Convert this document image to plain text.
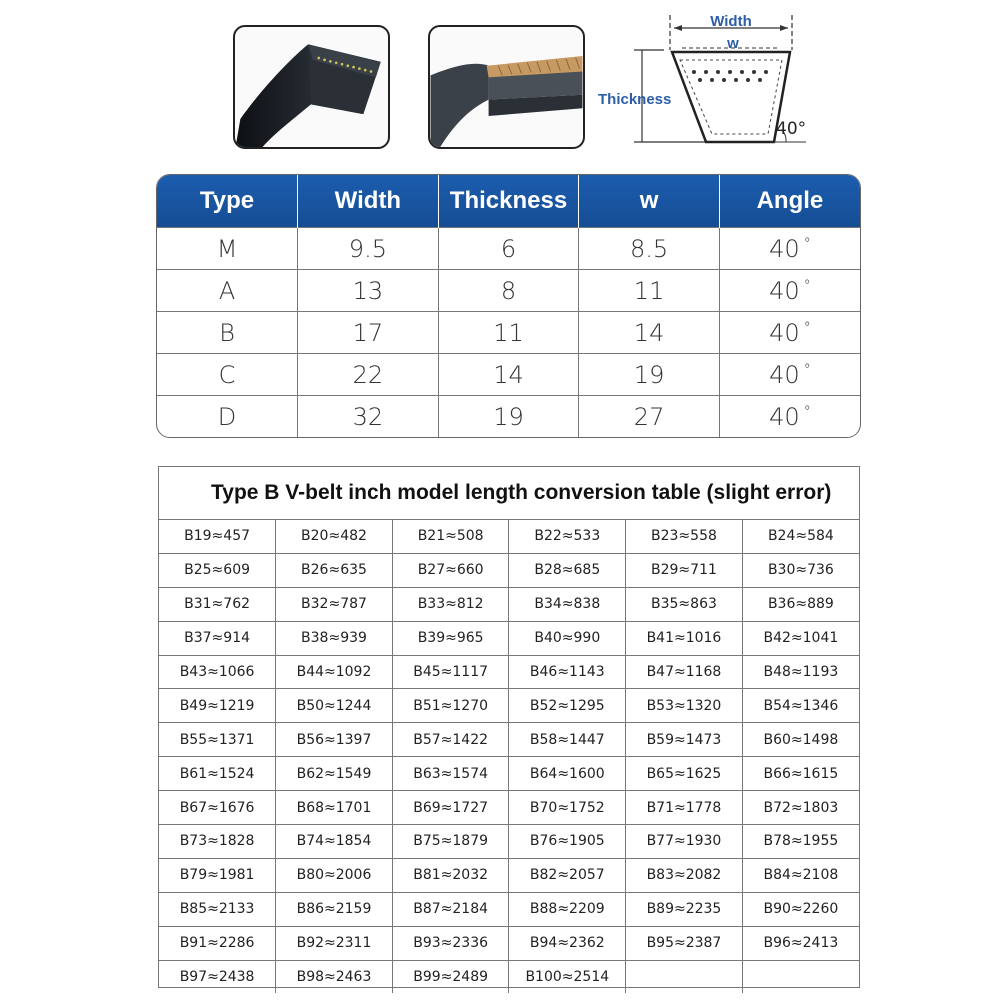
Width
w
Thickness
40°
Type	Width	Thickness	w	Angle
M	9.5	6	8.5	40 °
A	13	8	11	40 °
B	17	11	14	40 °
C	22	14	19	40 °
D	32	19	27	40 °
Type B V-belt inch model length conversion table (slight error)
B19≈457	B20≈482	B21≈508	B22≈533	B23≈558	B24≈584
B25≈609	B26≈635	B27≈660	B28≈685	B29≈711	B30≈736
B31≈762	B32≈787	B33≈812	B34≈838	B35≈863	B36≈889
B37≈914	B38≈939	B39≈965	B40≈990	B41≈1016	B42≈1041
B43≈1066	B44≈1092	B45≈1117	B46≈1143	B47≈1168	B48≈1193
B49≈1219	B50≈1244	B51≈1270	B52≈1295	B53≈1320	B54≈1346
B55≈1371	B56≈1397	B57≈1422	B58≈1447	B59≈1473	B60≈1498
B61≈1524	B62≈1549	B63≈1574	B64≈1600	B65≈1625	B66≈1615
B67≈1676	B68≈1701	B69≈1727	B70≈1752	B71≈1778	B72≈1803
B73≈1828	B74≈1854	B75≈1879	B76≈1905	B77≈1930	B78≈1955
B79≈1981	B80≈2006	B81≈2032	B82≈2057	B83≈2082	B84≈2108
B85≈2133	B86≈2159	B87≈2184	B88≈2209	B89≈2235	B90≈2260
B91≈2286	B92≈2311	B93≈2336	B94≈2362	B95≈2387	B96≈2413
B97≈2438	B98≈2463	B99≈2489	B100≈2514		
